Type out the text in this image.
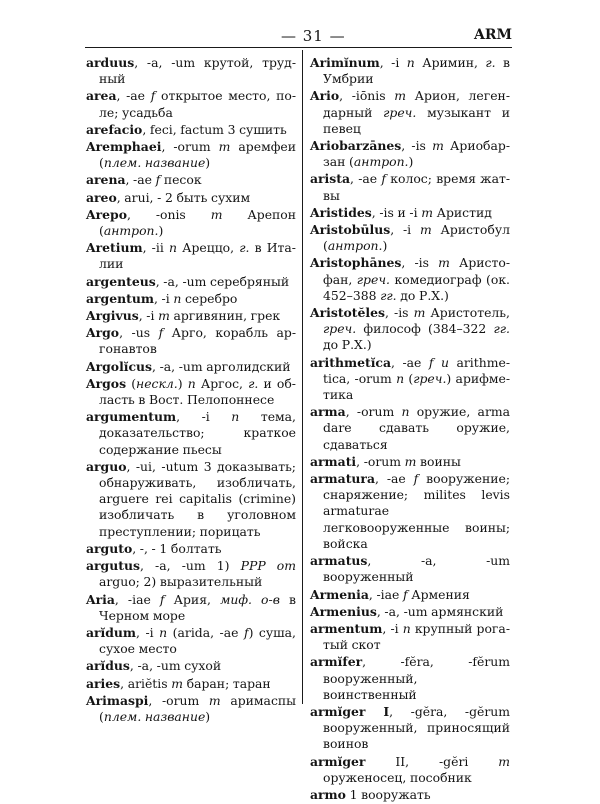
— 31 —	ARM
arduus, -a, -um крутой, трудный
area, -ae f открытое место, поле; усадьба
arefacio, feci, factum 3 сушить
Aremphaei, -orum m аремфеи (плем. название)
arena, -ae f песок
areo, arui, - 2 быть сухим
Arepo, -onis m Арепон (антроп.)
Aretium, -ii n Ареццо, г. в Италии
argenteus, -a, -um серебряный
argentum, -i n серебро
Argivus, -i m аргивянин, грек
Argo, -us f Арго, корабль аргонавтов
Argolĭcus, -a, -um арголидский
Argos (нескл.) n Аргос, г. и область в Вост. Пелопоннесе
argumentum, -i n тема, доказательство; краткое содержание пьесы
arguo, -ui, -utum 3 доказывать; обнаруживать, изобличать, arguere rei capitalis (crimine) изобличать в уголовном преступлении; порицать
arguto, -, - 1 болтать
argutus, -a, -um 1) PPP от arguo; 2) выразительный
Aria, -iae f Ария, миф. о-в в Черном море
arĭdum, -i n (arida, -ae f) суша, сухое место
arĭdus, -a, -um сухой
aries, ariĕtis m баран; таран
Arimaspi, -orum m аримаспы (плем. название)
Arimĭnum, -i n Аримин, г. в Умбрии
Ario, -iōnis m Арион, легендарный греч. музыкант и певец
Ariobarzānes, -is m Ариобарзан (антроп.)
arista, -ae f колос; время жатвы
Aristides, -is и -i m Аристид
Aristobūlus, -i m Аристобул (антроп.)
Aristophānes, -is m Аристофан, греч. комедиограф (ок. 452–388 гг. до Р.Х.)
Aristotĕles, -is m Аристотель, греч. философ (384–322 гг. до Р.Х.)
arithmetĭca, -ae f и arithmetica, -orum n (греч.) арифметика
arma, -orum n оружие, arma dare сдавать оружие, сдаваться
armati, -orum m воины
armatura, -ae f вооружение; снаряжение; milites levis armaturae легковооруженные воины; войска
armatus, -a, -um вооруженный
Armenia, -iae f Армения
Armenius, -a, -um армянский
armentum, -i n крупный рогатый скот
armĭfer, -fĕra, -fĕrum вооруженный, воинственный
armĭger I, -gĕra, -gĕrum вооруженный, приносящий воинов
armĭger II, -gĕri m оруженосец, пособник
armo 1 вооружать
